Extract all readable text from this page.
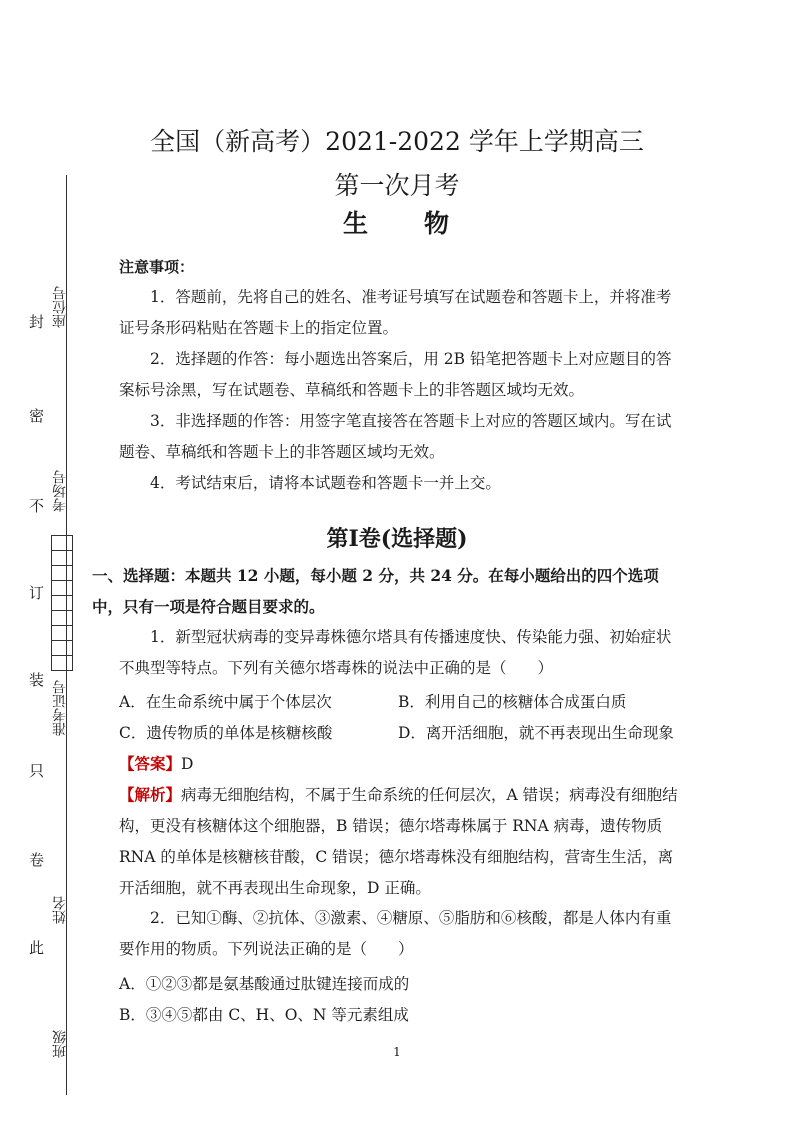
封
密
不
订
装
只
卷
此
座位号
考场号
准考证号
姓名
班级
全国（新高考）2021-2022 学年上学期高三
第一次月考
生　　物
注意事项：
1．答题前，先将自己的姓名、准考证号填写在试题卷和答题卡上，并将准考证号条形码粘贴在答题卡上的指定位置。
2．选择题的作答：每小题选出答案后，用 2B 铅笔把答题卡上对应题目的答案标号涂黑，写在试题卷、草稿纸和答题卡上的非答题区域均无效。
3．非选择题的作答：用签字笔直接答在答题卡上对应的答题区域内。写在试题卷、草稿纸和答题卡上的非答题区域均无效。
4．考试结束后，请将本试题卷和答题卡一并上交。
第Ⅰ卷(选择题)
一、选择题：本题共 12 小题，每小题 2 分，共 24 分。在每小题给出的四个选项中，只有一项是符合题目要求的。
1．新型冠状病毒的变异毒株德尔塔具有传播速度快、传染能力强、初始症状不典型等特点。下列有关德尔塔毒株的说法中正确的是（　　）
A．在生命系统中属于个体层次	B．利用自己的核糖体合成蛋白质
C．遗传物质的单体是核糖核酸	D．离开活细胞，就不再表现出生命现象
【答案】D
【解析】病毒无细胞结构，不属于生命系统的任何层次，A 错误；病毒没有细胞结构，更没有核糖体这个细胞器，B 错误；德尔塔毒株属于 RNA 病毒，遗传物质 RNA 的单体是核糖核苷酸，C 错误；德尔塔毒株没有细胞结构，营寄生生活，离开活细胞，就不再表现出生命现象，D 正确。
2．已知①酶、②抗体、③激素、④糖原、⑤脂肪和⑥核酸，都是人体内有重要作用的物质。下列说法正确的是（　　）
A．①②③都是氨基酸通过肽键连接而成的
B．③④⑤都由 C、H、O、N 等元素组成
1
